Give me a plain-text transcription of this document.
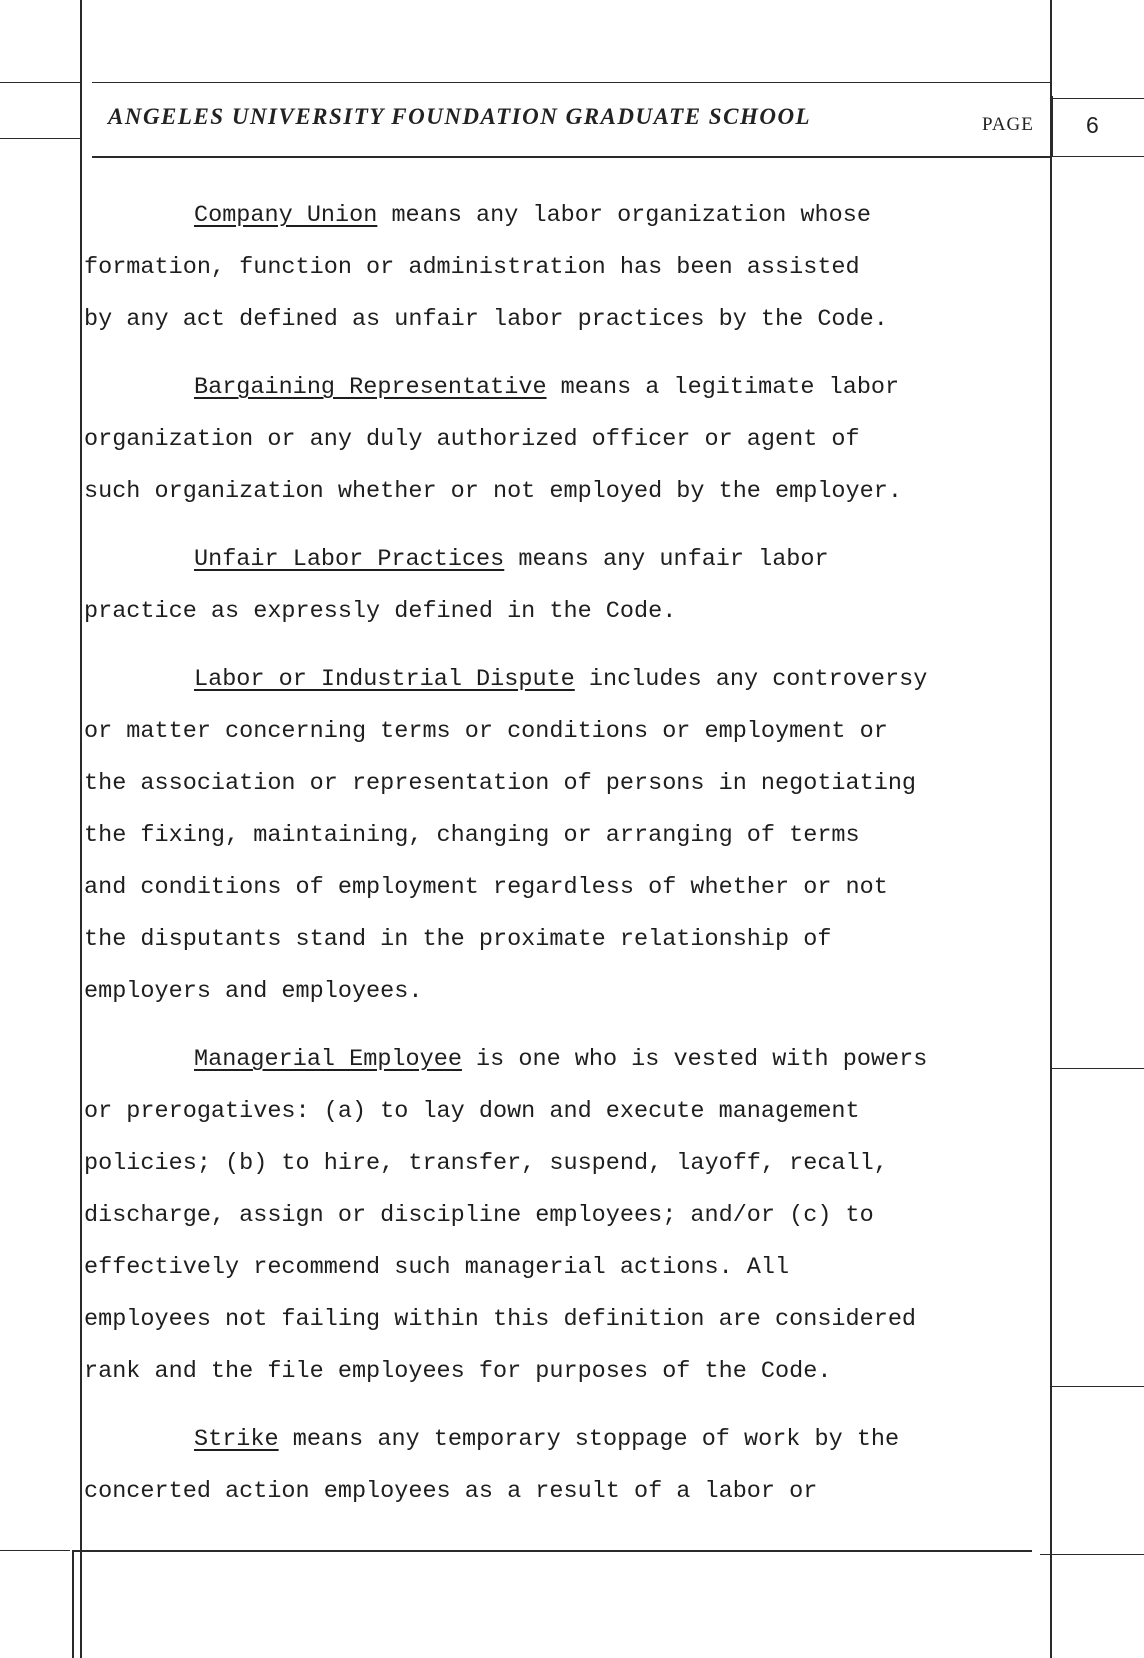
ANGELES UNIVERSITY FOUNDATION GRADUATE SCHOOL	PAGE 6
Company Union means any labor organization whose
formation, function or administration has been assisted
by any act defined as unfair labor practices by the Code.
Bargaining Representative means a legitimate labor
organization or any duly authorized officer or agent of
such organization whether or not employed by the employer.
Unfair Labor Practices means any unfair labor
practice as expressly defined in the Code.
Labor or Industrial Dispute includes any controversy
or matter concerning terms or conditions or employment or
the association or representation of persons in negotiating
the fixing, maintaining, changing or arranging of terms
and conditions of employment regardless of whether or not
the disputants stand in the proximate relationship of
employers and employees.
Managerial Employee is one who is vested with powers
or prerogatives: (a) to lay down and execute management
policies; (b) to hire, transfer, suspend, layoff, recall,
discharge, assign or discipline employees; and/or (c) to
effectively recommend such managerial actions. All
employees not failing within this definition are considered
rank and the file employees for purposes of the Code.
Strike means any temporary stoppage of work by the
concerted action employees as a result of a labor or
